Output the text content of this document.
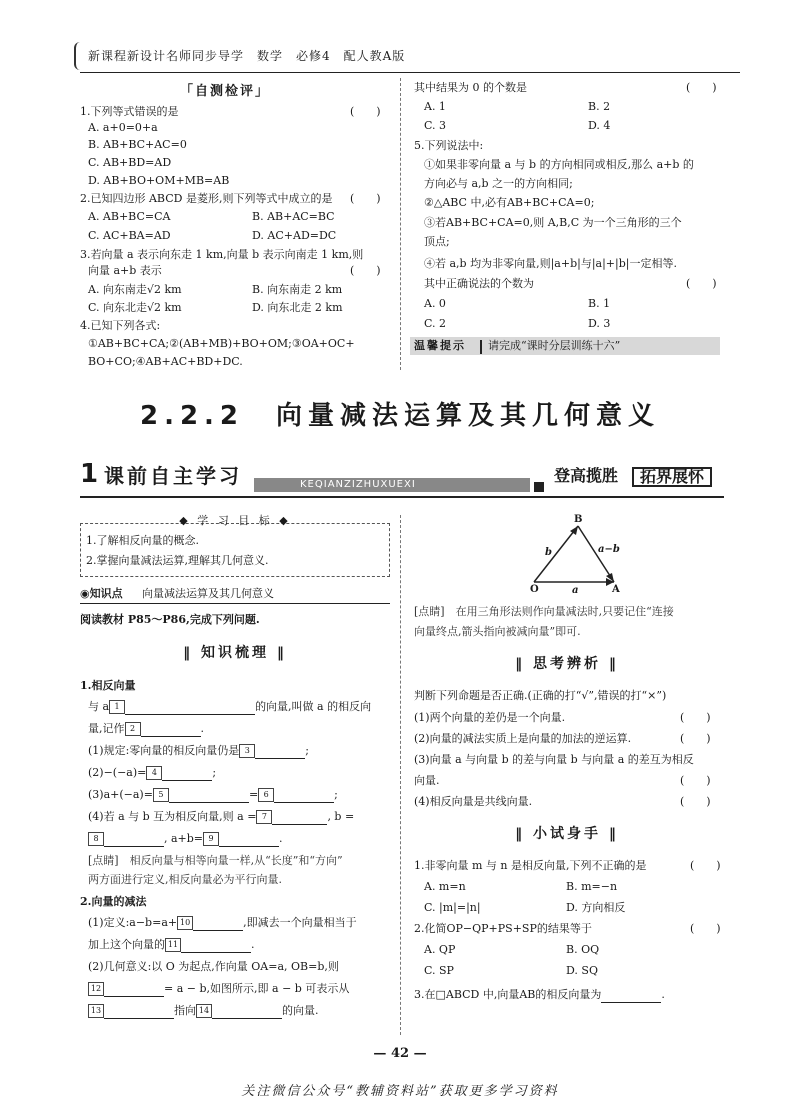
新课程新设计名师同步导学　数学　必修4　配人教A版
「自测检评」
1.下列等式错误的是	(　　)
A. a+0=0+a
B. AB+BC+AC=0
C. AB+BD=AD
D. AB+BO+OM+MB=AB
2.已知四边形 ABCD 是菱形,则下列等式中成立的是 (　　)
A. AB+BC=CA	B. AB+AC=BC
C. AC+BA=AD	D. AC+AD=DC
3.若向量 a 表示向东走 1 km,向量 b 表示向南走 1 km,则
向量 a+b 表示	(　　)
A. 向东南走√2 km	B. 向东南走 2 km
C. 向东北走√2 km	D. 向东北走 2 km
4.已知下列各式:
①AB+BC+CA;②(AB+MB)+BO+OM;③OA+OC+
BO+CO;④AB+AC+BD+DC.
其中结果为 0 的个数是	(　　)
A. 1	B. 2
C. 3	D. 4
5.下列说法中:
①如果非零向量 a 与 b 的方向相同或相反,那么 a+b 的
方向必与 a,b 之一的方向相同;
②△ABC 中,必有AB+BC+CA=0;
③若AB+BC+CA=0,则 A,B,C 为一个三角形的三个
顶点;
④若 a,b 均为非零向量,则|a+b|与|a|+|b|一定相等.
其中正确说法的个数为	(　　)
A. 0	B. 1
C. 2	D. 3
温馨提示 请完成“课时分层训练十六”
2.2.2　向量减法运算及其几何意义
1 课前自主学习	KEQIANZIZHUXUEXI	登高揽胜	拓界展怀
◆ 学 习 目 标 ◆
1.了解相反向量的概念.
2.掌握向量减法运算,理解其几何意义.
◉知识点 向量减法运算及其几何意义
阅读教材 P85～P86,完成下列问题.
‖ 知识梳理 ‖
1.相反向量
与 a 1	的向量,叫做 a 的相反向
量,记作 2	.
(1)规定:零向量的相反向量仍是 3	;
(2)−(−a)= 4	;
(3)a+(−a)= 5	= 6	;
(4)若 a 与 b 互为相反向量,则 a = 7	, b =
8	, a+b= 9	.
[点睛]　相反向量与相等向量一样,从“长度”和“方向”
两方面进行定义,相反向量必为平行向量.
2.向量的减法
(1)定义:a−b=a+ 10	,即减去一个向量相当于
加上这个向量的 11	.
(2)几何意义:以 O 为起点,作向量 OA=a, OB=b,则
12	= a − b,如图所示,即 a − b 可表示从
13	指向 14	的向量.
B
O	A
b	a−b
a
[点睛]　在用三角形法则作向量减法时,只要记住“连接
向量终点,箭头指向被减向量”即可.
‖ 思考辨析 ‖
判断下列命题是否正确.(正确的打“√”,错误的打“×”)
(1)两个向量的差仍是一个向量.	(　　)
(2)向量的减法实质上是向量的加法的逆运算.	(　　)
(3)向量 a 与向量 b 的差与向量 b 与向量 a 的差互为相反
向量.	(　　)
(4)相反向量是共线向量.	(　　)
‖ 小试身手 ‖
1.非零向量 m 与 n 是相反向量,下列不正确的是	(　　)
A. m=n	B. m=−n
C. |m|=|n|	D. 方向相反
2.化简OP−QP+PS+SP的结果等于	(　　)
A. QP	B. OQ
C. SP	D. SQ
3.在□ABCD 中,向量AB的相反向量为	.
— 42 —
关注微信公众号“教辅资料站”获取更多学习资料
